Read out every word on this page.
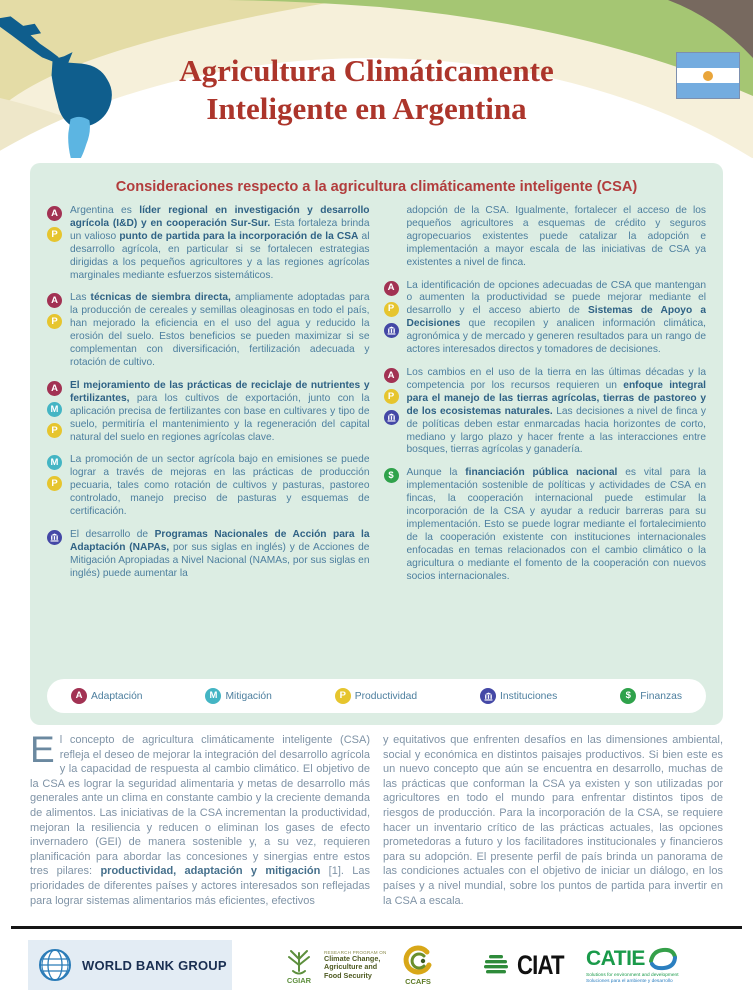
Agricultura Climáticamente
Inteligente en Argentina
Consideraciones respecto a la agricultura climáticamente inteligente (CSA)
A
P

Argentina es líder regional en investigación y desarrollo agrícola (I&D) y en cooperación Sur-Sur. Esta fortaleza brinda un valioso punto de partida para la incorporación de la CSA al desarrollo agrícola, en particular si se fortalecen estrategias dirigidas a los pequeños agricultores y a las regiones agrícolas marginales mediante esfuerzos sistemáticos.

A
P

Las técnicas de siembra directa, ampliamente adoptadas para la producción de cereales y semillas oleaginosas en todo el país, han mejorado la eficiencia en el uso del agua y reducido la erosión del suelo. Estos beneficios se pueden maximizar si se complementan con diversificación, fertilización adecuada y rotación de cultivo.

A
M
P

El mejoramiento de las prácticas de reciclaje de nutrientes y fertilizantes, para los cultivos de exportación, junto con la aplicación precisa de fertilizantes con base en cultivares y tipo de suelo, permitiría el mantenimiento y la regeneración del capital natural del suelo en regiones agrícolas clave.

M
P

La promoción de un sector agrícola bajo en emisiones se puede lograr a través de mejoras en las prácticas de producción pecuaria, tales como rotación de cultivos y pasturas, pastoreo controlado, manejo preciso de pasturas y esquemas de certificación.

El desarrollo de Programas Nacionales de Acción para la Adaptación (NAPAs, por sus siglas en inglés) y de Acciones de Mitigación Apropiadas a Nivel Nacional (NAMAs, por sus siglas en inglés) puede aumentar la

adopción de la CSA. Igualmente, fortalecer el acceso de los pequeños agricultores a esquemas de crédito y seguros agropecuarios existentes puede catalizar la adopción e implementación a mayor escala de las iniciativas de CSA ya existentes a nivel de finca.

A
P

La identificación de opciones adecuadas de CSA que mantengan o aumenten la productividad se puede mejorar mediante el desarrollo y el acceso abierto de Sistemas de Apoyo a Decisiones que recopilen y analicen información climática, agronómica y de mercado y generen resultados para un rango de actores interesados directos y tomadores de decisiones.

A
P

Los cambios en el uso de la tierra en las últimas décadas y la competencia por los recursos requieren un enfoque integral para el manejo de las tierras agrícolas, tierras de pastoreo y de los ecosistemas naturales. Las decisiones a nivel de finca y de políticas deben estar enmarcadas hacia horizontes de corto, mediano y largo plazo y hacer frente a las interacciones entre bosques, tierras agrícolas y ganadería.

$	Aunque la financiación pública nacional es vital para la implementación sostenible de políticas y actividades de CSA en fincas, la cooperación internacional puede estimular la incorporación de la CSA y ayudar a reducir barreras para su implementación. Esto se puede lograr mediante el fortalecimiento de la cooperación existente con instituciones internacionales enfocadas en temas relacionados con el cambio climático o la agricultura o mediante el fomento de la cooperación con nuevos socios internacionales.

A Adaptación	M Mitigación	P Productividad	Instituciones	$ Finanzas
El concepto de agricultura climáticamente inteligente (CSA) refleja el deseo de mejorar la integración del desarrollo agrícola y la capacidad de respuesta al cambio climático. El objetivo de la CSA es lograr la seguridad alimentaria y metas de desarrollo más generales ante un clima en constante cambio y la creciente demanda de alimentos. Las iniciativas de la CSA incrementan la productividad, mejoran la resiliencia y reducen o eliminan los gases de efecto invernadero (GEI) de manera sostenible y, a su vez, requieren planificación para abordar las concesiones y sinergias entre estos tres pilares: productividad, adaptación y mitigación [1]. Las prioridades de diferentes países y actores interesados son reflejadas para lograr sistemas alimentarios más eficientes, efectivos
y equitativos que enfrenten desafíos en las dimensiones ambiental, social y económica en distintos paisajes productivos. Si bien este es un nuevo concepto que aún se encuentra en desarrollo, muchas de las prácticas que conforman la CSA ya existen y son utilizadas por agricultores en todo el mundo para enfrentar distintos tipos de riesgos de producción. Para la incorporación de la CSA, se requiere hacer un inventario crítico de las prácticas actuales, las opciones prometedoras a futuro y los facilitadores institucionales y financieros para su adopción. El presente perfil de país brinda un panorama de las condiciones actuales con el objetivo de iniciar un diálogo, en los países y a nivel mundial, sobre los puntos de partida para invertir en la CSA a escala.
WORLD BANK GROUP
CGIAR
RESEARCH PROGRAM ON
Climate Change,
Agriculture and
Food Security
CCAFS
CIAT CATIE
Solutions for environment and development
Soluciones para el ambiente y desarrollo
